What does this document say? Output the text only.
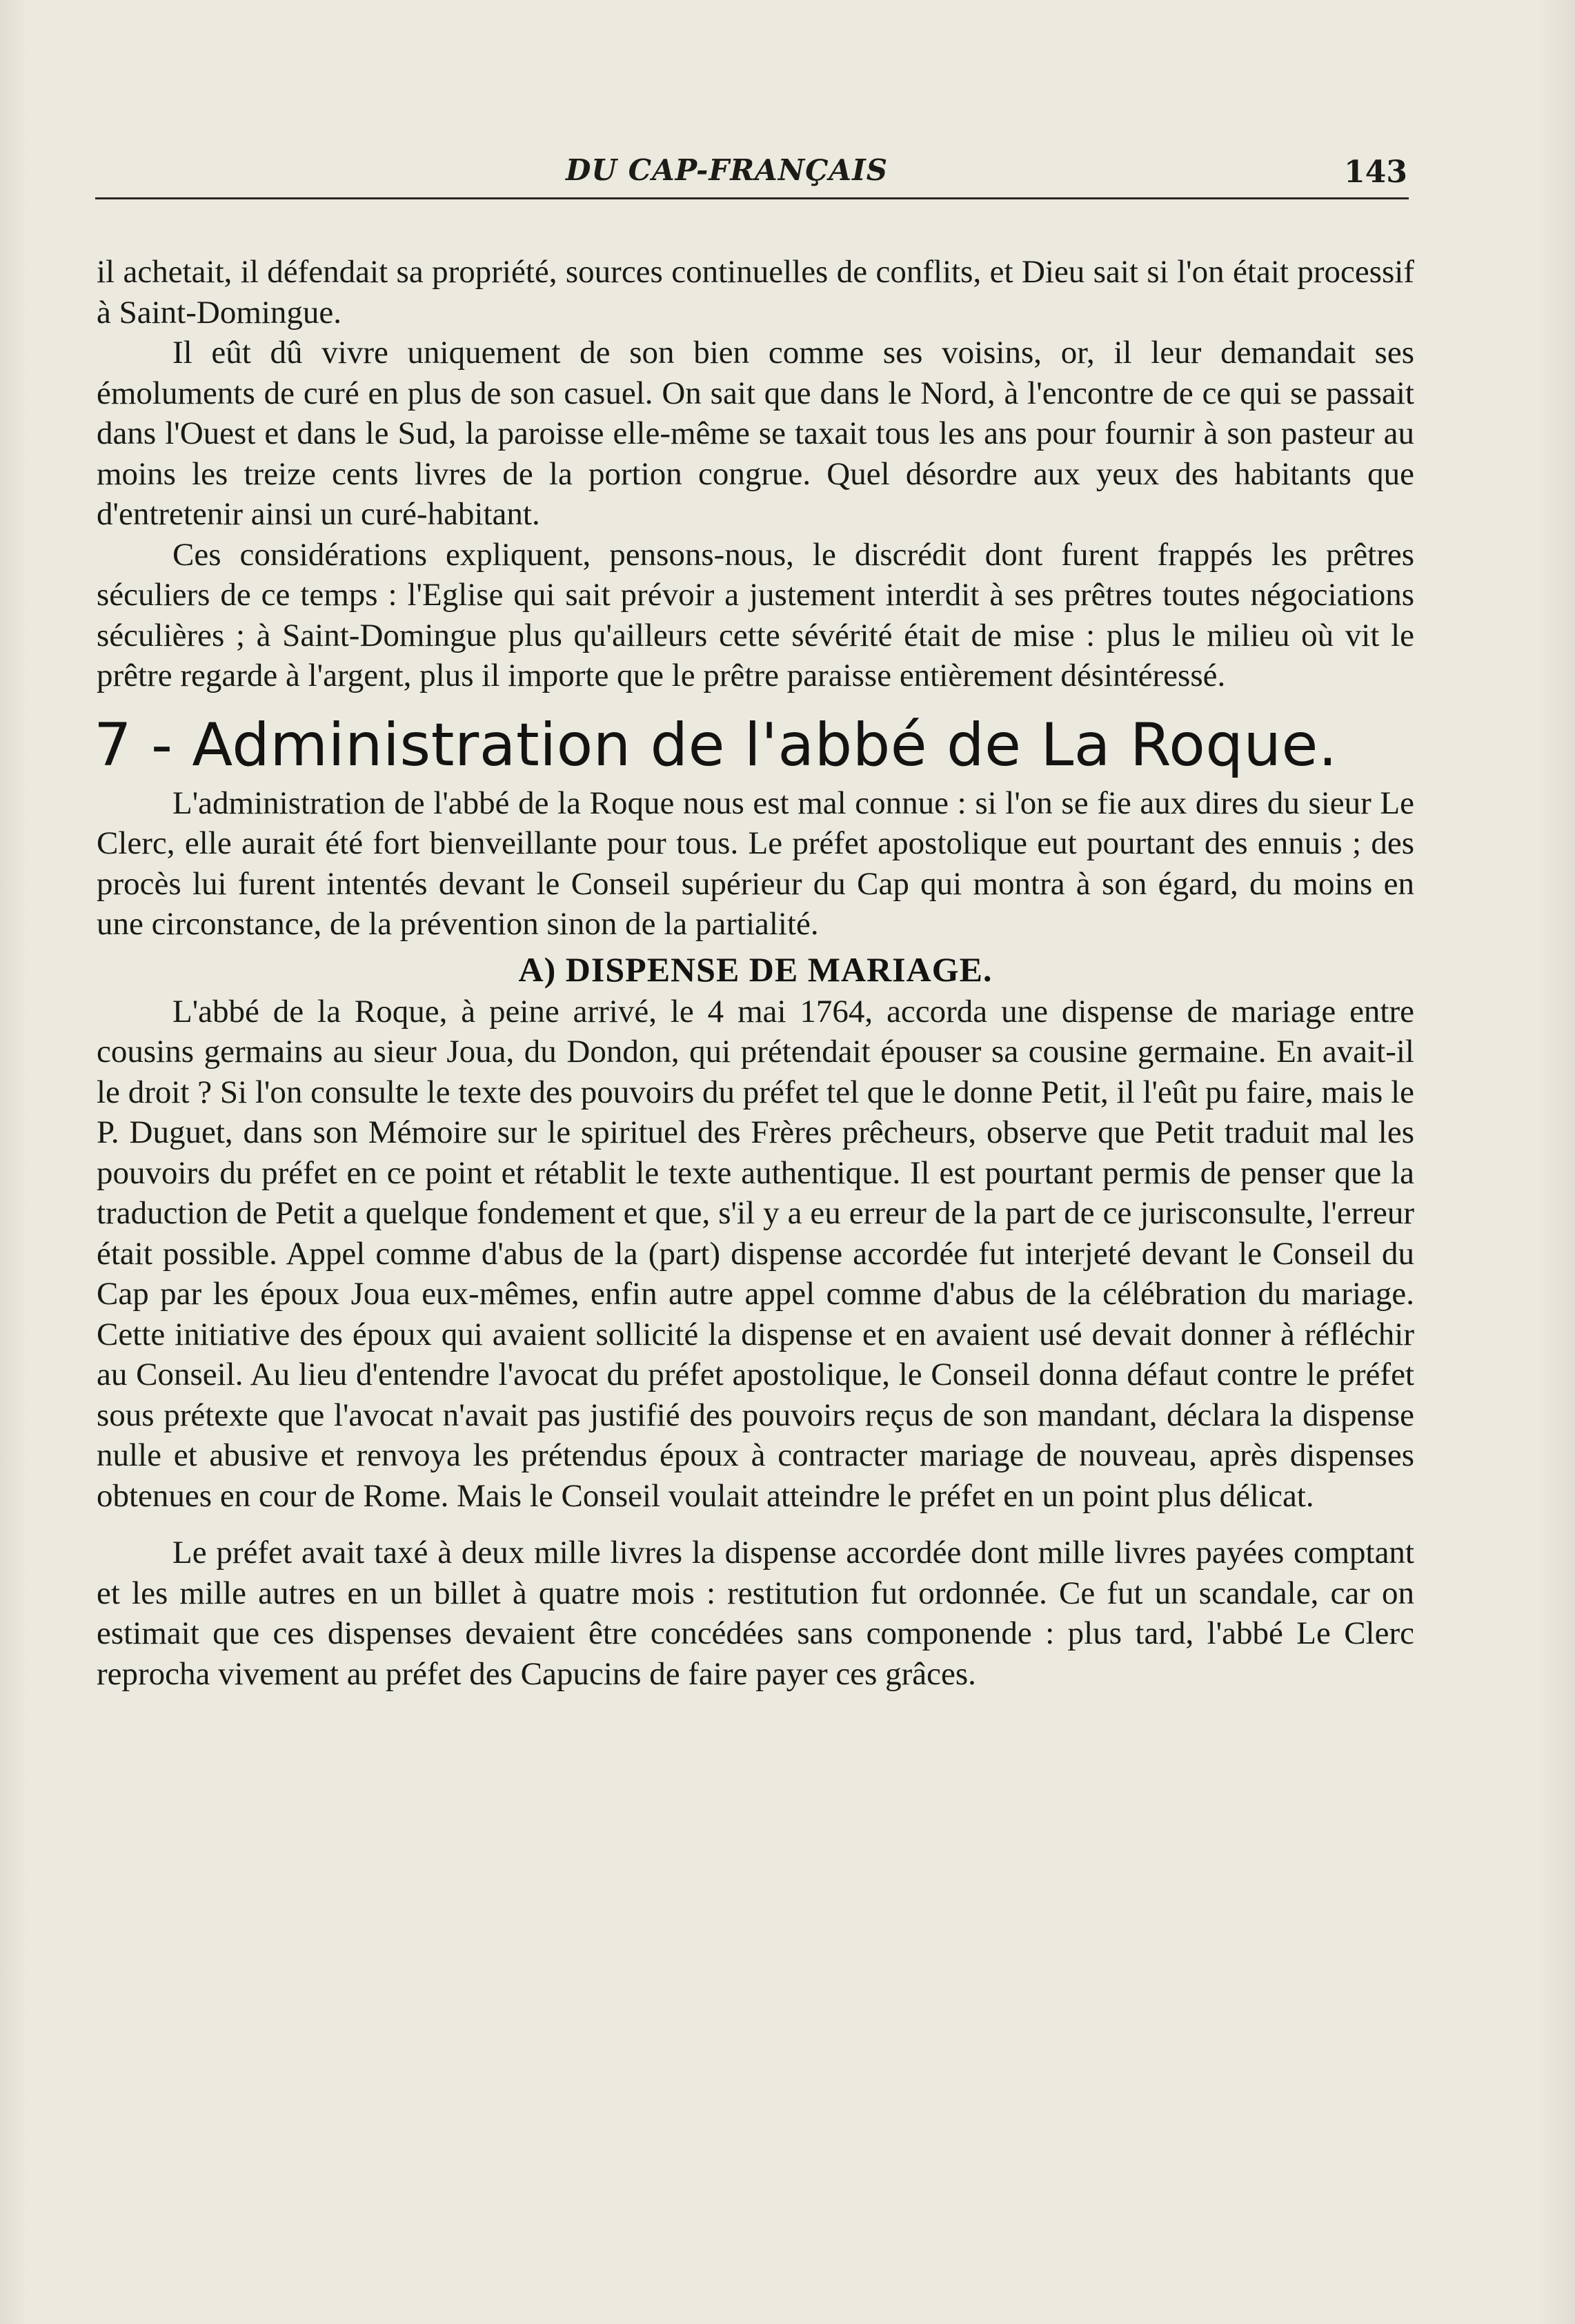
DU CAP-FRANÇAIS	143

il achetait, il défendait sa propriété, sources continuelles de conflits, et Dieu sait si l'on était processif à Saint-Domingue.

Il eût dû vivre uniquement de son bien comme ses voisins, or, il leur demandait ses émoluments de curé en plus de son casuel. On sait que dans le Nord, à l'encontre de ce qui se passait dans l'Ouest et dans le Sud, la paroisse elle-même se taxait tous les ans pour fournir à son pasteur au moins les treize cents livres de la portion congrue. Quel désordre aux yeux des habitants que d'entretenir ainsi un curé-habitant.

Ces considérations expliquent, pensons-nous, le discrédit dont furent frappés les prêtres séculiers de ce temps : l'Eglise qui sait prévoir a justement interdit à ses prêtres toutes négociations séculières ; à Saint-Domingue plus qu'ailleurs cette sévérité était de mise : plus le milieu où vit le prêtre regarde à l'argent, plus il importe que le prêtre paraisse entièrement désintéressé.

7 - Administration de l'abbé de La Roque.

L'administration de l'abbé de la Roque nous est mal connue : si l'on se fie aux dires du sieur Le Clerc, elle aurait été fort bienveillante pour tous. Le préfet apostolique eut pourtant des ennuis ; des procès lui furent intentés devant le Conseil supérieur du Cap qui montra à son égard, du moins en une circonstance, de la prévention sinon de la partialité.

A) DISPENSE DE MARIAGE.

L'abbé de la Roque, à peine arrivé, le 4 mai 1764, accorda une dispense de mariage entre cousins germains au sieur Joua, du Dondon, qui prétendait épouser sa cousine germaine. En avait-il le droit ? Si l'on consulte le texte des pouvoirs du préfet tel que le donne Petit, il l'eût pu faire, mais le P. Duguet, dans son Mémoire sur le spirituel des Frères prêcheurs, observe que Petit traduit mal les pouvoirs du préfet en ce point et rétablit le texte authentique. Il est pourtant permis de penser que la traduction de Petit a quelque fondement et que, s'il y a eu erreur de la part de ce jurisconsulte, l'erreur était possible. Appel comme d'abus de la (part) dispense accordée fut interjeté devant le Conseil du Cap par les époux Joua eux-mêmes, enfin autre appel comme d'abus de la célébration du mariage. Cette initiative des époux qui avaient sollicité la dispense et en avaient usé devait donner à réfléchir au Conseil. Au lieu d'entendre l'avocat du préfet apostolique, le Conseil donna défaut contre le préfet sous prétexte que l'avocat n'avait pas justifié des pouvoirs reçus de son mandant, déclara la dispense nulle et abusive et renvoya les prétendus époux à contracter mariage de nouveau, après dispenses obtenues en cour de Rome. Mais le Conseil voulait atteindre le préfet en un point plus délicat.

Le préfet avait taxé à deux mille livres la dispense accordée dont mille livres payées comptant et les mille autres en un billet à quatre mois : restitution fut ordonnée. Ce fut un scandale, car on estimait que ces dispenses devaient être concédées sans componende : plus tard, l'abbé Le Clerc reprocha vivement au préfet des Capucins de faire payer ces grâces.
